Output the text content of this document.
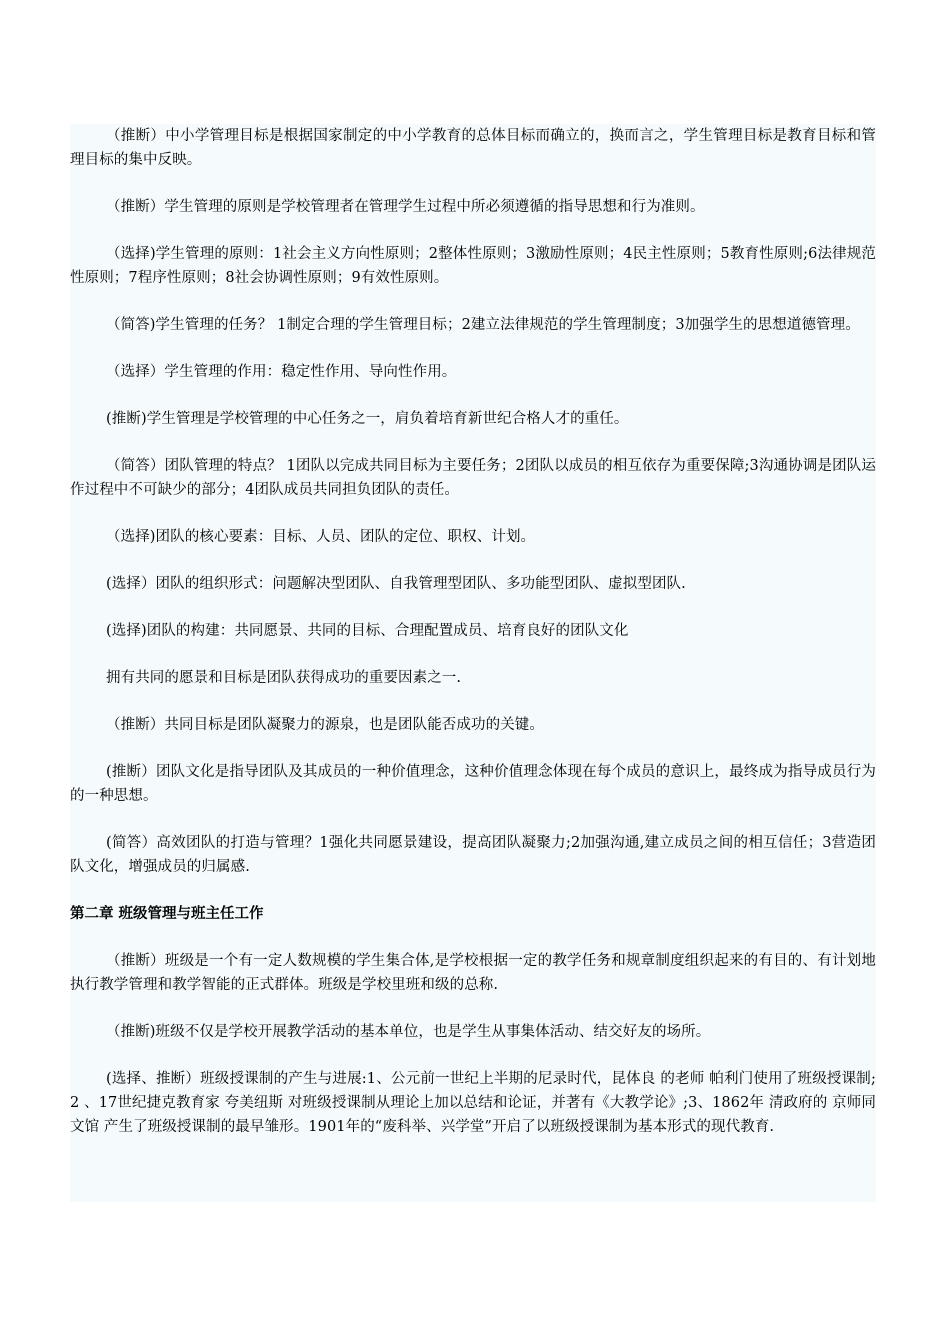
（推断）中小学管理目标是根据国家制定的中小学教育的总体目标而确立的，换而言之，学生管理目标是教育目标和管理目标的集中反映。

（推断）学生管理的原则是学校管理者在管理学生过程中所必须遵循的指导思想和行为准则。

（选择)学生管理的原则：1社会主义方向性原则；2整体性原则；3激励性原则；4民主性原则；5教育性原则;6法律规范性原则；7程序性原则；8社会协调性原则；9有效性原则。

（简答)学生管理的任务？ 1制定合理的学生管理目标；2建立法律规范的学生管理制度；3加强学生的思想道德管理。

（选择）学生管理的作用：稳定性作用、导向性作用。

(推断)学生管理是学校管理的中心任务之一，肩负着培育新世纪合格人才的重任。

（简答）团队管理的特点？ 1团队以完成共同目标为主要任务；2团队以成员的相互依存为重要保障;3沟通协调是团队运作过程中不可缺少的部分；4团队成员共同担负团队的责任。

（选择)团队的核心要素：目标、人员、团队的定位、职权、计划。

(选择）团队的组织形式：问题解决型团队、自我管理型团队、多功能型团队、虚拟型团队.

(选择)团队的构建：共同愿景、共同的目标、合理配置成员、培育良好的团队文化

拥有共同的愿景和目标是团队获得成功的重要因素之一.

（推断）共同目标是团队凝聚力的源泉，也是团队能否成功的关键。

(推断）团队文化是指导团队及其成员的一种价值理念，这种价值理念体现在每个成员的意识上，最终成为指导成员行为的一种思想。

(简答）高效团队的打造与管理？1强化共同愿景建设，提高团队凝聚力;2加强沟通,建立成员之间的相互信任；3营造团队文化，增强成员的归属感.

第二章 班级管理与班主任工作

（推断）班级是一个有一定人数规模的学生集合体,是学校根据一定的教学任务和规章制度组织起来的有目的、有计划地执行教学管理和教学智能的正式群体。班级是学校里班和级的总称.

（推断)班级不仅是学校开展教学活动的基本单位，也是学生从事集体活动、结交好友的场所。

(选择、推断）班级授课制的产生与进展:1、公元前一世纪上半期的尼录时代，昆体良 的老师 帕利门使用了班级授课制;2 、17世纪捷克教育家 夸美纽斯 对班级授课制从理论上加以总结和论证，并著有《大教学论》;3、1862年 清政府的 京师同文馆 产生了班级授课制的最早雏形。1901年的“废科举、兴学堂”开启了以班级授课制为基本形式的现代教育.
